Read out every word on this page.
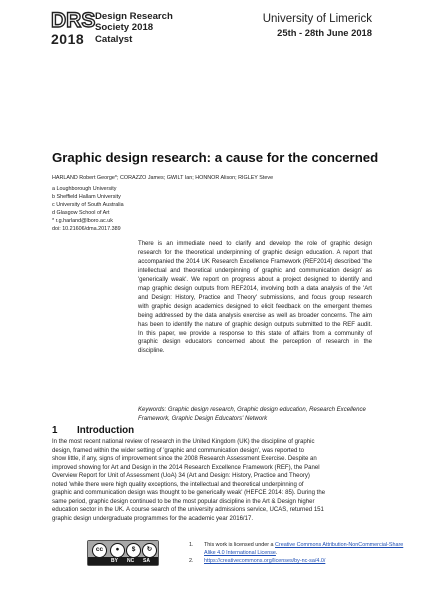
DRS
2018
Design Research
Society 2018
Catalyst
University of Limerick
25th - 28th June 2018
Graphic design research: a cause for the concerned
HARLAND Robert George*; CORAZZO James; GWILT Ian; HONNOR Alison; RIGLEY Steve
a Loughborough University
b Sheffield Hallam University
c University of South Australia
d Glasgow School of Art
* r.g.harland@lboro.ac.uk
doi: 10.21606/dma.2017.389
There is an immediate need to clarify and develop the role of graphic design
research for the theoretical underpinning of graphic design education. A report that
accompanied the 2014 UK Research Excellence Framework (REF2014) described 'the
intellectual and theoretical underpinning of graphic and communication design' as
'generically weak'. We report on progress about a project designed to identify and
map graphic design outputs from REF2014, involving both a data analysis of the 'Art
and Design: History, Practice and Theory' submissions, and focus group research
with graphic design academics designed to elicit feedback on the emergent themes
being addressed by the data analysis exercise as well as broader concerns. The aim
has been to identify the nature of graphic design outputs submitted to the REF audit.
In this paper, we provide a response to this state of affairs from a community of
graphic design educators concerned about the perception of research in the
discipline.
Keywords: Graphic design research, Graphic design education, Research Excellence
Framework, Graphic Design Educators' Network
1 Introduction
In the most recent national review of research in the United Kingdom (UK) the discipline of graphic
design, framed within the wider setting of 'graphic and communication design', was reported to
show little, if any, signs of improvement since the 2008 Research Assessment Exercise. Despite an
improved showing for Art and Design in the 2014 Research Excellence Framework (REF), the Panel
Overview Report for Unit of Assessment (UoA) 34 (Art and Design: History, Practice and Theory)
noted 'while there were high quality exceptions, the intellectual and theoretical underpinning of
graphic and communication design was thought to be generically weak' (HEFCE 2014: 85). During the
same period, graphic design continued to be the most popular discipline in the Art & Design higher
education sector in the UK. A course search of the university admissions service, UCAS, returned 151
graphic design undergraduate programmes for the academic year 2016/17.
cc	●	$	↻
BY NC SA
1. This work is licensed under a Creative Commons Attribution-NonCommercial-Share
Alike 4.0 International License.
2. https://creativecommons.org/licenses/by-nc-sa/4.0/
